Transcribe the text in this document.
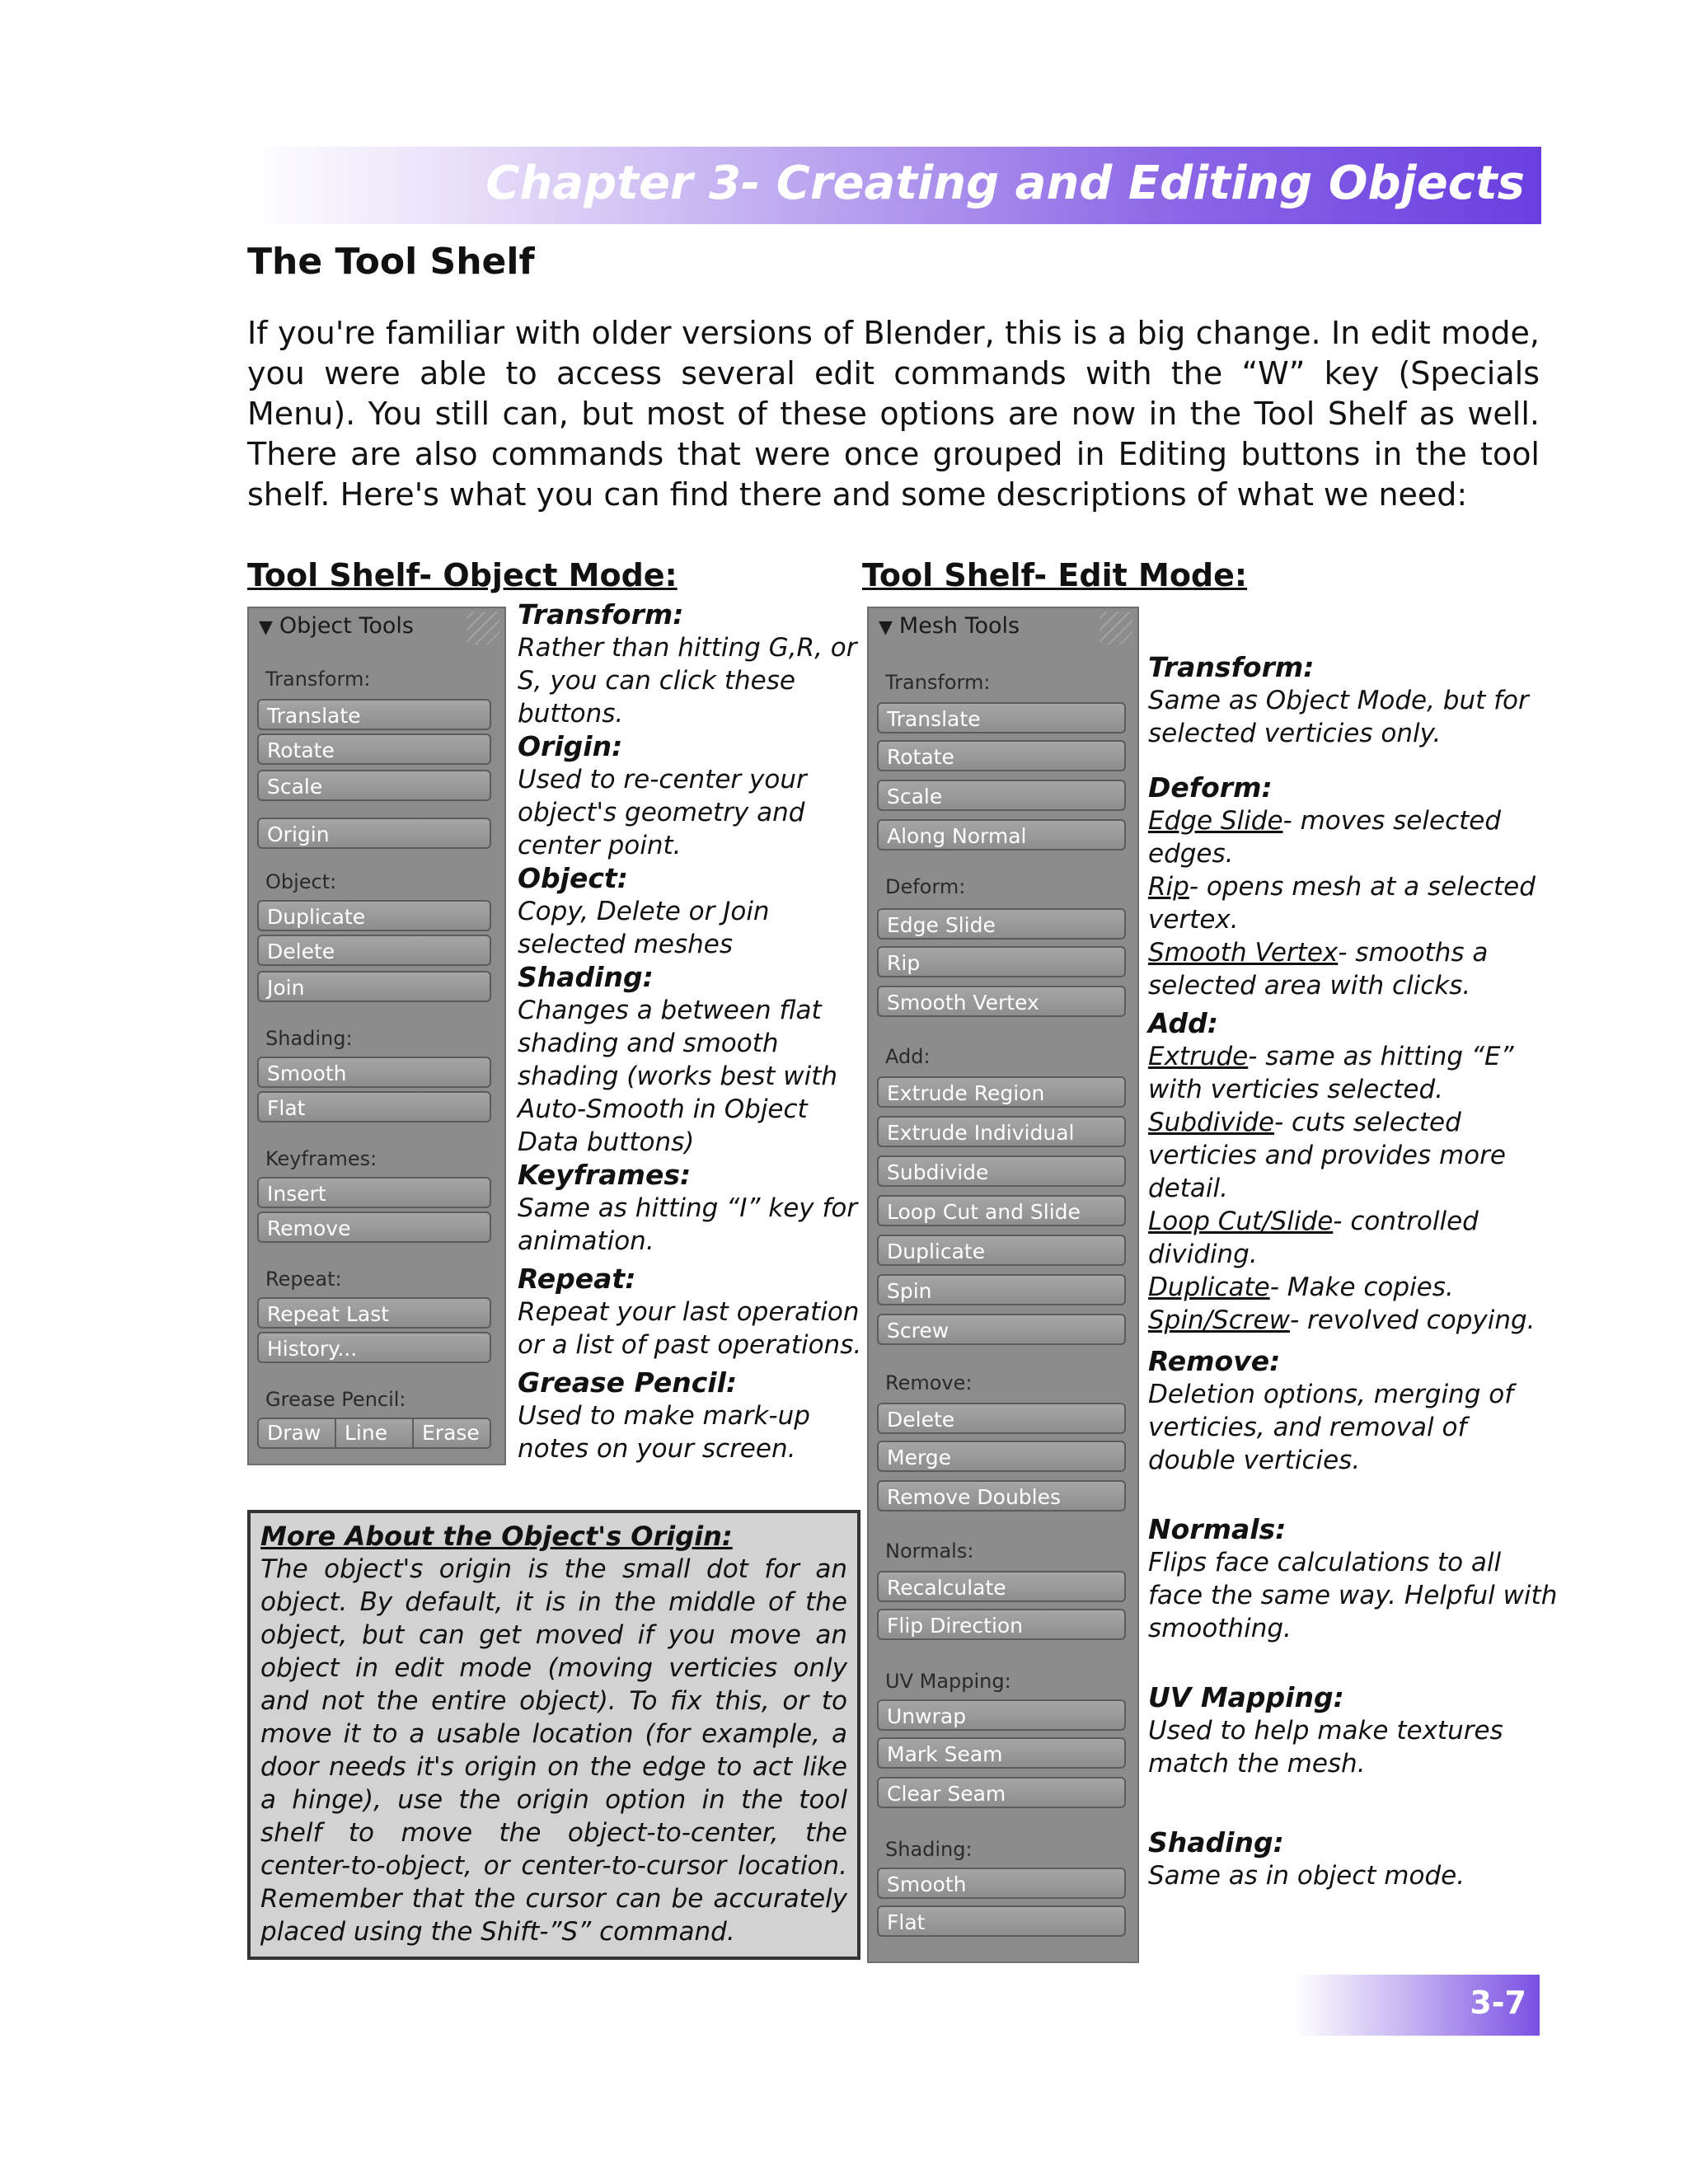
Chapter 3- Creating and Editing Objects
The Tool Shelf
If you're familiar with older versions of Blender, this is a big change. In edit mode, you were able to access several edit commands with the “W” key (Specials Menu). You still can, but most of these options are now in the Tool Shelf as well. There are also commands that were once grouped in Editing buttons in the tool shelf. Here's what you can find there and some descriptions of what we need:
Tool Shelf- Object Mode:	Tool Shelf- Edit Mode:
▼ Object Tools
Transform:
Translate
Rotate
Scale
Origin
Object:
Duplicate
Delete
Join
Shading:
Smooth
Flat
Keyframes:
Insert
Remove
Repeat:
Repeat Last
History...
Grease Pencil:
Draw	Line	Erase
Transform:
Rather than hitting G,R, or
S, you can click these
buttons.
Origin:
Used to re-center your
object's geometry and
center point.
Object:
Copy, Delete or Join
selected meshes
Shading:
Changes a between flat
shading and smooth
shading (works best with
Auto-Smooth in Object
Data buttons)
Keyframes:
Same as hitting “I” key for
animation.
Repeat:
Repeat your last operation
or a list of past operations.
Grease Pencil:
Used to make mark-up
notes on your screen.
More About the Object's Origin:
The object's origin is the small dot for an object. By default, it is in the middle of the object, but can get moved if you move an object in edit mode (moving verticies only and not the entire object). To fix this, or to move it to a usable location (for example, a door needs it's origin on the edge to act like a hinge), use the origin option in the tool shelf to move the object-to-center, the center-to-object, or center-to-cursor location. Remember that the cursor can be accurately placed using the Shift-”S” command.
▼ Mesh Tools
Transform:
Translate
Rotate
Scale
Along Normal
Deform:
Edge Slide
Rip
Smooth Vertex
Add:
Extrude Region
Extrude Individual
Subdivide
Loop Cut and Slide
Duplicate
Spin
Screw
Remove:
Delete
Merge
Remove Doubles
Normals:
Recalculate
Flip Direction
UV Mapping:
Unwrap
Mark Seam
Clear Seam
Shading:
Smooth
Flat
Transform:
Same as Object Mode, but for
selected verticies only.
Deform:
Edge Slide- moves selected
edges.
Rip- opens mesh at a selected
vertex.
Smooth Vertex- smooths a
selected area with clicks.
Add:
Extrude- same as hitting “E”
with verticies selected.
Subdivide- cuts selected
verticies and provides more
detail.
Loop Cut/Slide- controlled
dividing.
Duplicate- Make copies.
Spin/Screw- revolved copying.
Remove:
Deletion options, merging of
verticies, and removal of
double verticies.
Normals:
Flips face calculations to all
face the same way. Helpful with
smoothing.
UV Mapping:
Used to help make textures
match the mesh.
Shading:
Same as in object mode.
3-7
